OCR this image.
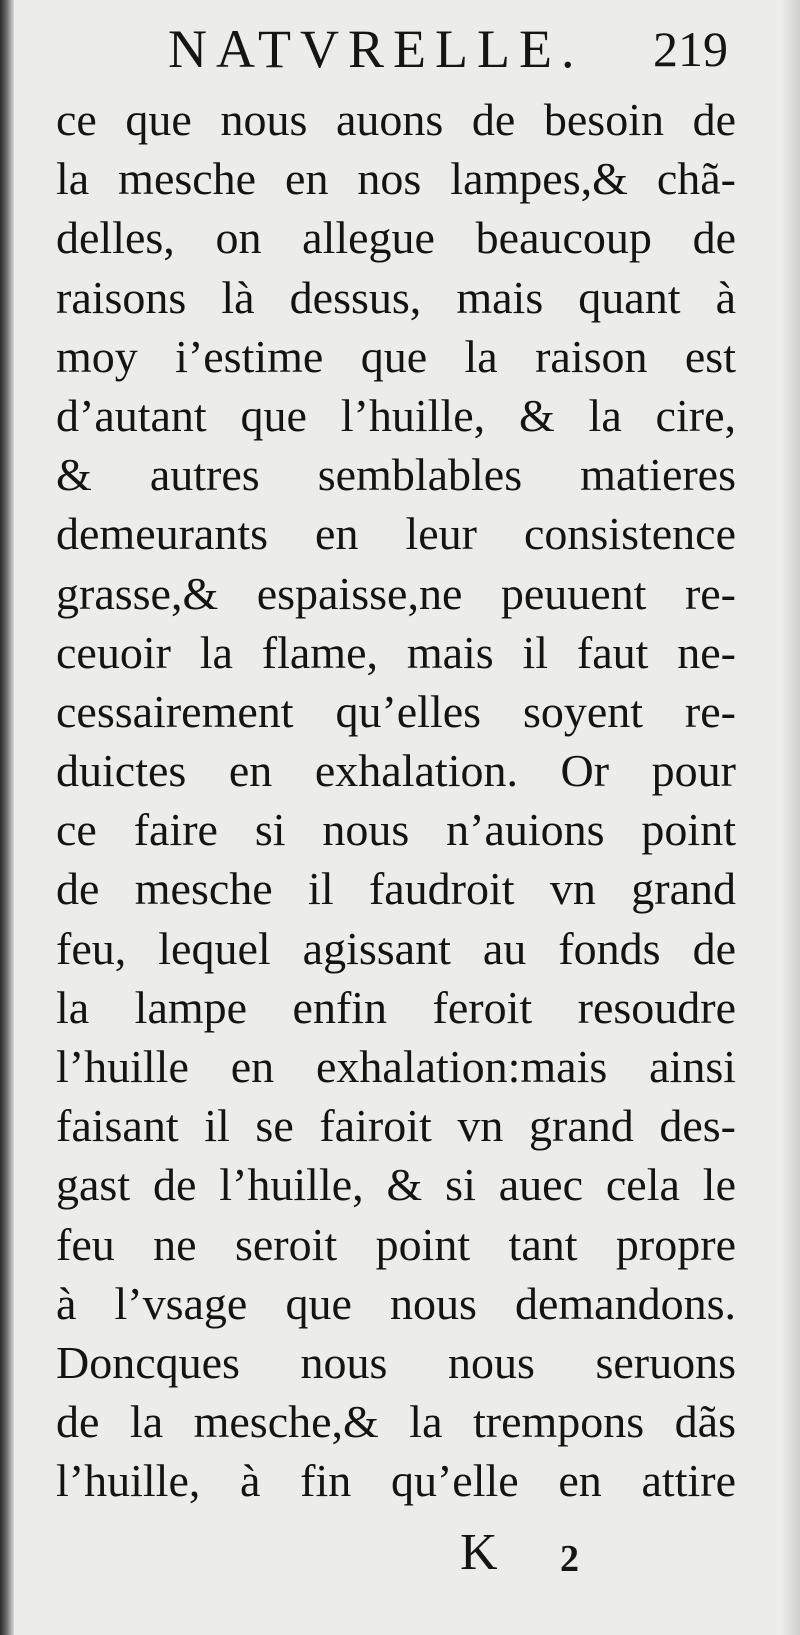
NATVRELLE. 219
ce que nous auons de besoin de
la mesche en nos lampes,& chã-
delles, on allegue beaucoup de
raisons là dessus, mais quant à
moy i’estime que la raison est
d’autant que l’huille, & la cire,
& autres semblables matieres
demeurants en leur consistence
grasse,& espaisse,ne peuuent re-
ceuoir la flame, mais il faut ne-
cessairement qu’elles soyent re-
duictes en exhalation. Or pour
ce faire si nous n’auions point
de mesche il faudroit vn grand
feu, lequel agissant au fonds de
la lampe enfin feroit resoudre
l’huille en exhalation:mais ainsi
faisant il se fairoit vn grand des-
gast de l’huille, & si auec cela le
feu ne seroit point tant propre
à l’vsage que nous demandons.
Doncques nous nous seruons
de la mesche,& la trempons dãs
l’huille, à fin qu’elle en attire
K 2
